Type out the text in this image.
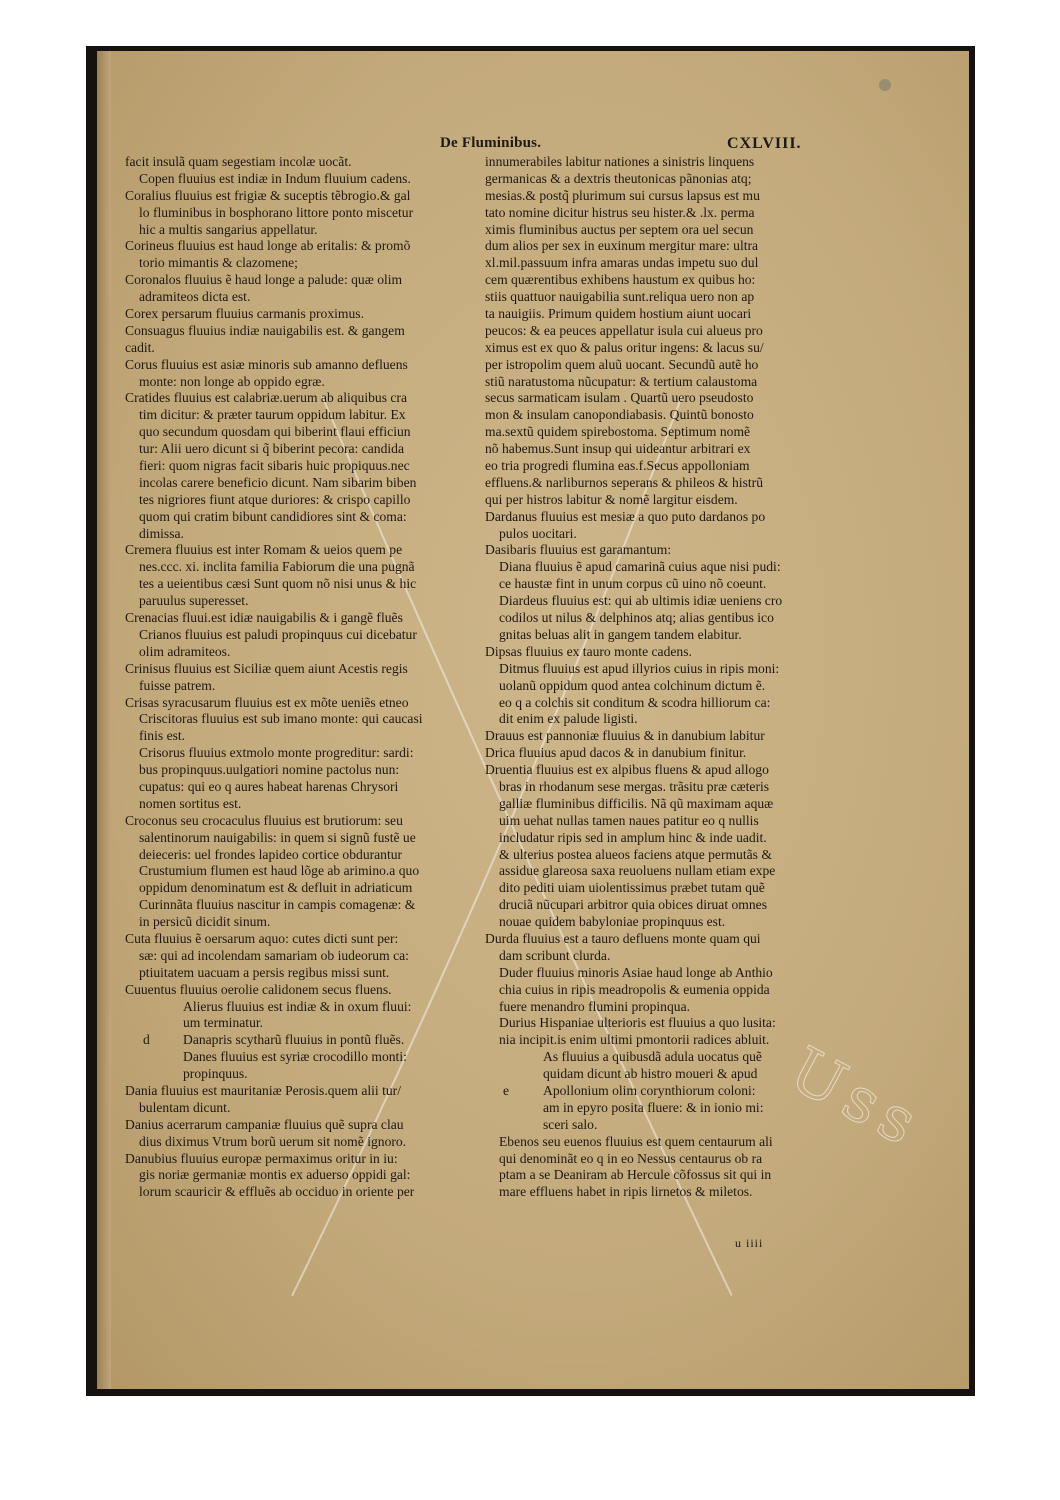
De Fluminibus.	CXLVIII.
facit insulã quam segestiam incolæ uocãt.
Copen fluuius est indiæ in Indum fluuium cadens.
Coralius fluuius est frigiæ & suceptis tẽbrogio.& gal
lo fluminibus in bosphorano littore ponto miscetur
hic a multis sangarius appellatur.
Corineus fluuius est haud longe ab eritalis: & promõ
torio mimantis & clazomene;
Coronalos fluuius ẽ haud longe a palude: quæ olim
adramiteos dicta est.
Corex persarum fluuius carmanis proximus.
Consuagus fluuius indiæ nauigabilis est. & gangem
cadit.
Corus fluuius est asiæ minoris sub amanno defluens
monte: non longe ab oppido egræ.
Cratides fluuius est calabriæ.uerum ab aliquibus cra
tim dicitur: & præter taurum oppidum labitur. Ex
quo secundum quosdam qui biberint flaui efficiun
tur: Alii uero dicunt si q̃ biberint pecora: candida
fieri: quom nigras facit sibaris huic propiquus.nec
incolas carere beneficio dicunt. Nam sibarim biben
tes nigriores fiunt atque duriores: & crispo capillo
quom qui cratim bibunt candidiores sint & coma:
dimissa.
Cremera fluuius est inter Romam & ueios quem pe
nes.ccc. xi. inclita familia Fabiorum die una pugnã
tes a ueientibus cæsi Sunt quom nõ nisi unus & hic
paruulus superesset.
Crenacias fluui.est idiæ nauigabilis & i gangẽ fluẽs
Crianos fluuius est paludi propinquus cui dicebatur
olim adramiteos.
Crinisus fluuius est Siciliæ quem aiunt Acestis regis
fuisse patrem.
Crisas syracusarum fluuius est ex mõte ueniẽs etneo
Criscitoras fluuius est sub imano monte: qui caucasi
finis est.
Crisorus fluuius extmolo monte progreditur: sardi:
bus propinquus.uulgatiori nomine pactolus nun:
cupatus: qui eo q aures habeat harenas Chrysori
nomen sortitus est.
Croconus seu crocaculus fluuius est brutiorum: seu
salentinorum nauigabilis: in quem si signũ fustẽ ue
deieceris: uel frondes lapideo cortice obdurantur
Crustumium flumen est haud lõge ab arimino.a quo
oppidum denominatum est & defluit in adriaticum
Curinnãta fluuius nascitur in campis comagenæ: &
in persicũ dicidit sinum.
Cuta fluuius ẽ oersarum aquo: cutes dicti sunt per:
sæ: qui ad incolendam samariam ob iudeorum ca:
ptiuitatem uacuam a persis regibus missi sunt.
Cuuentus fluuius oerolie calidonem secus fluens.
Alierus fluuius est indiæ & in oxum fluui:
um terminatur.
d Danapris scytharũ fluuius in pontũ fluẽs.
Danes fluuius est syriæ crocodillo monti:
propinquus.
Dania fluuius est mauritaniæ Perosis.quem alii tur/
bulentam dicunt.
Danius acerrarum campaniæ fluuius quẽ supra clau
dius diximus Vtrum borũ uerum sit nomẽ ignoro.
Danubius fluuius europæ permaximus oritur in iu:
gis noriæ germaniæ montis ex aduerso oppidi gal:
lorum scauricir & effluẽs ab occiduo in oriente per
innumerabiles labitur nationes a sinistris linquens
germanicas & a dextris theutonicas pãnonias atq;
mesias.& postq̃ plurimum sui cursus lapsus est mu
tato nomine dicitur histrus seu hister.& .lx. perma
ximis fluminibus auctus per septem ora uel secun
dum alios per sex in euxinum mergitur mare: ultra
xl.mil.passuum infra amaras undas impetu suo dul
cem quærentibus exhibens haustum ex quibus ho:
stiis quattuor nauigabilia sunt.reliqua uero non ap
ta nauigiis. Primum quidem hostium aiunt uocari
peucos: & ea peuces appellatur isula cui alueus pro
ximus est ex quo & palus oritur ingens: & lacus su/
per istropolim quem aluũ uocant. Secundũ autẽ ho
stiũ naratustoma nũcupatur: & tertium calaustoma
secus sarmaticam isulam . Quartũ uero pseudosto
mon & insulam canopondiabasis. Quintũ bonosto
ma.sextũ quidem spirebostoma. Septimum nomẽ
nõ habemus.Sunt insup qui uideantur arbitrari ex
eo tria progredi flumina eas.f.Secus appolloniam
effluens.& narliburnos seperans & phileos & histrũ
qui per histros labitur & nomẽ largitur eisdem.
Dardanus fluuius est mesiæ a quo puto dardanos po
pulos uocitari.
Dasibaris fluuius est garamantum:
Diana fluuius ẽ apud camarinã cuius aque nisi pudi:
ce haustæ fint in unum corpus cũ uino nõ coeunt.
Diardeus fluuius est: qui ab ultimis idiæ ueniens cro
codilos ut nilus & delphinos atq; alias gentibus ico
gnitas beluas alit in gangem tandem elabitur.
Dipsas fluuius ex tauro monte cadens.
Ditmus fluuius est apud illyrios cuius in ripis moni:
uolanũ oppidum quod antea colchinum dictum ẽ.
eo q a colchis sit conditum & scodra hilliorum ca:
dit enim ex palude ligisti.
Drauus est pannoniæ fluuius & in danubium labitur
Drica fluuius apud dacos & in danubium finitur.
Druentia fluuius est ex alpibus fluens & apud allogo
bras in rhodanum sese mergas. trãsitu præ cæteris
galliæ fluminibus difficilis. Nã qũ maximam aquæ
uim uehat nullas tamen naues patitur eo q nullis
includatur ripis sed in amplum hinc & inde uadit.
& ulterius postea alueos faciens atque permutãs &
assidue glareosa saxa reuoluens nullam etiam expe
dito pediti uiam uiolentissimus præbet tutam quẽ
druciã nũcupari arbitror quia obices diruat omnes
nouae quidem babyloniae propinquus est.
Durda fluuius est a tauro defluens monte quam qui
dam scribunt clurda.
Duder fluuius minoris Asiae haud longe ab Anthio
chia cuius in ripis meadropolis & eumenia oppida
fuere menandro flumini propinqua.
Durius Hispaniae ulterioris est fluuius a quo lusita:
nia incipit.is enim ultimi pmontorii radices abluit.
As fluuius a quibusdã adula uocatus quẽ
quidam dicunt ab histro moueri & apud
e Apollonium olim corynthiorum coloni:
am in epyro posita fluere: & in ionio mi:
sceri salo.
Ebenos seu euenos fluuius est quem centaurum ali
qui denominãt eo q in eo Nessus centaurus ob ra
ptam a se Deaniram ab Hercule cõfossus sit qui in
mare effluens habet in ripis lirnetos & miletos.
u iiii
Uss
